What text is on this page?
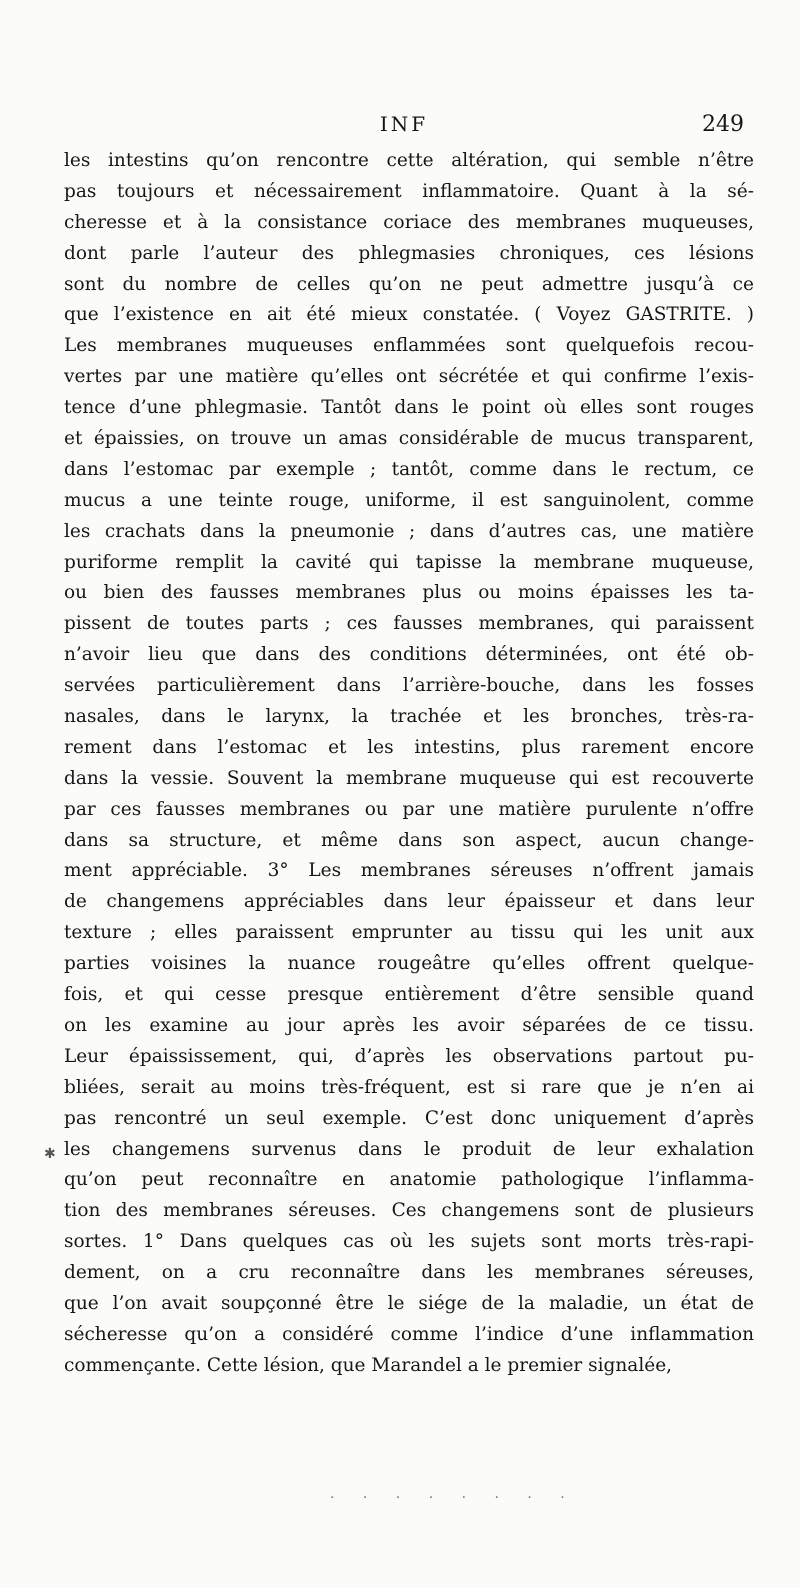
INF	249
les intestins qu’on rencontre cette altération, qui semble n’être
pas toujours et nécessairement inflammatoire. Quant à la sé-
cheresse et à la consistance coriace des membranes muqueuses,
dont parle l’auteur des phlegmasies chroniques, ces lésions
sont du nombre de celles qu’on ne peut admettre jusqu’à ce
que l’existence en ait été mieux constatée. ( Voyez GASTRITE. )
Les membranes muqueuses enflammées sont quelquefois recou-
vertes par une matière qu’elles ont sécrétée et qui confirme l’exis-
tence d’une phlegmasie. Tantôt dans le point où elles sont rouges
et épaissies, on trouve un amas considérable de mucus transparent,
dans l’estomac par exemple ; tantôt, comme dans le rectum, ce
mucus a une teinte rouge, uniforme, il est sanguinolent, comme
les crachats dans la pneumonie ; dans d’autres cas, une matière
puriforme remplit la cavité qui tapisse la membrane muqueuse,
ou bien des fausses membranes plus ou moins épaisses les ta-
pissent de toutes parts ; ces fausses membranes, qui paraissent
n’avoir lieu que dans des conditions déterminées, ont été ob-
servées particulièrement dans l’arrière-bouche, dans les fosses
nasales, dans le larynx, la trachée et les bronches, très-ra-
rement dans l’estomac et les intestins, plus rarement encore
dans la vessie. Souvent la membrane muqueuse qui est recouverte
par ces fausses membranes ou par une matière purulente n’offre
dans sa structure, et même dans son aspect, aucun change-
ment appréciable. 3° Les membranes séreuses n’offrent jamais
de changemens appréciables dans leur épaisseur et dans leur
texture ; elles paraissent emprunter au tissu qui les unit aux
parties voisines la nuance rougeâtre qu’elles offrent quelque-
fois, et qui cesse presque entièrement d’être sensible quand
on les examine au jour après les avoir séparées de ce tissu.
Leur épaississement, qui, d’après les observations partout pu-
bliées, serait au moins très-fréquent, est si rare que je n’en ai
pas rencontré un seul exemple. C’est donc uniquement d’après
les changemens survenus dans le produit de leur exhalation
qu’on peut reconnaître en anatomie pathologique l’inflamma-
tion des membranes séreuses. Ces changemens sont de plusieurs
sortes. 1° Dans quelques cas où les sujets sont morts très-rapi-
dement, on a cru reconnaître dans les membranes séreuses,
que l’on avait soupçonné être le siége de la maladie, un état de
sécheresse qu’on a considéré comme l’indice d’une inflammation
commençante. Cette lésion, que Marandel a le premier signalée,
✱
· · · · · · · ·
